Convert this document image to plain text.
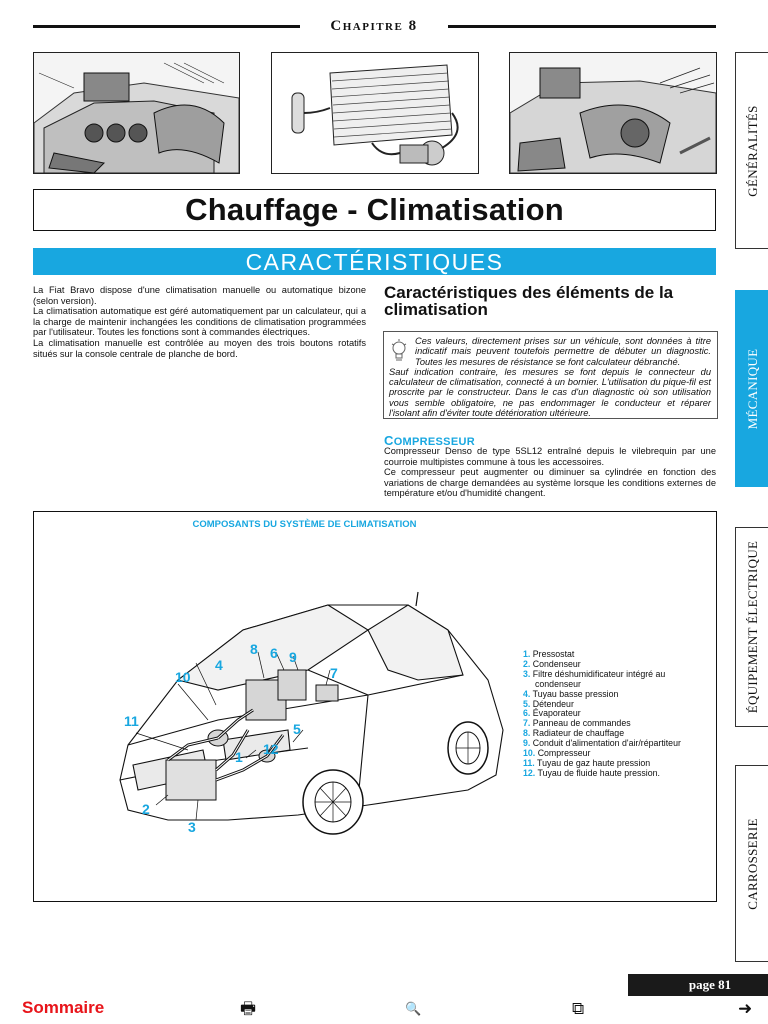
Chapitre 8
Chauffage - Climatisation
CARACTÉRISTIQUES
La Fiat Bravo dispose d'une climatisation manuelle ou automatique bizone (selon version).
La climatisation automatique est géré automatiquement par un calculateur, qui a la charge de maintenir inchangées les conditions de climatisation programmées par l'utilisateur. Toutes les fonctions sont à commandes électriques.
La climatisation manuelle est contrôlée au moyen des trois boutons rotatifs situés sur la console centrale de planche de bord.
Caractéristiques des éléments de la climatisation
Ces valeurs, directement prises sur un véhicule, sont données à titre indicatif mais peuvent toutefois permettre de débuter un diagnostic. Toutes les mesures de résistance se font calculateur débranché.
Sauf indication contraire, les mesures se font depuis le connecteur du calculateur de climatisation, connecté à un bornier. L'utilisation du pique-fil est proscrite par le constructeur. Dans le cas d'un diagnostic où son utilisation vous semble obligatoire, ne pas endommager le conducteur et réparer l'isolant afin d'éviter toute détérioration ultérieure.
COMPRESSEUR
Compresseur Denso de type 5SL12 entraîné depuis le vilebrequin par une courroie multipistes commune à tous les accessoires.
Ce compresseur peut augmenter ou diminuer sa cylindrée en fonction des variations de charge demandées au système lorsque les conditions externes de température et/ou d'humidité changent.
COMPOSANTS DU SYSTÈME DE CLIMATISATION
10
4
11
8 6 9
7
5
1 12
2
3
1. Pressostat
2. Condenseur
3. Filtre déshumidificateur intégré au
condenseur
4. Tuyau basse pression
5. Détendeur
6. Évaporateur
7. Panneau de commandes
8. Radiateur de chauffage
9. Conduit d'alimentation d'air/répartiteur
10. Compresseur
11. Tuyau de gaz haute pression
12. Tuyau de fluide haute pression.
GÉNÉRALITÉS
MÉCANIQUE
ÉQUIPEMENT ÉLECTRIQUE
CARROSSERIE
page 81
Sommaire	🖶	🔍	⧉	➜
